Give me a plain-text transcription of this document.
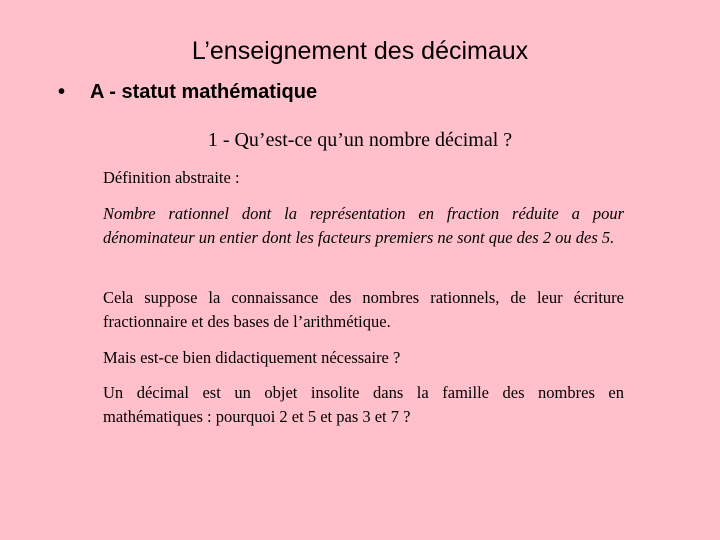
L’enseignement des décimaux
• A - statut mathématique
1 - Qu’est-ce qu’un nombre décimal ?

Définition abstraite :

Nombre rationnel dont la représentation en fraction réduite a pour dénominateur un entier dont les facteurs premiers ne sont que des 2 ou des 5.

Cela suppose la connaissance des nombres rationnels, de leur écriture fractionnaire et des bases de l’arithmétique.

Mais est-ce bien didactiquement nécessaire ?

Un décimal est un objet insolite dans la famille des nombres en mathématiques : pourquoi 2 et 5 et pas 3 et 7 ?
